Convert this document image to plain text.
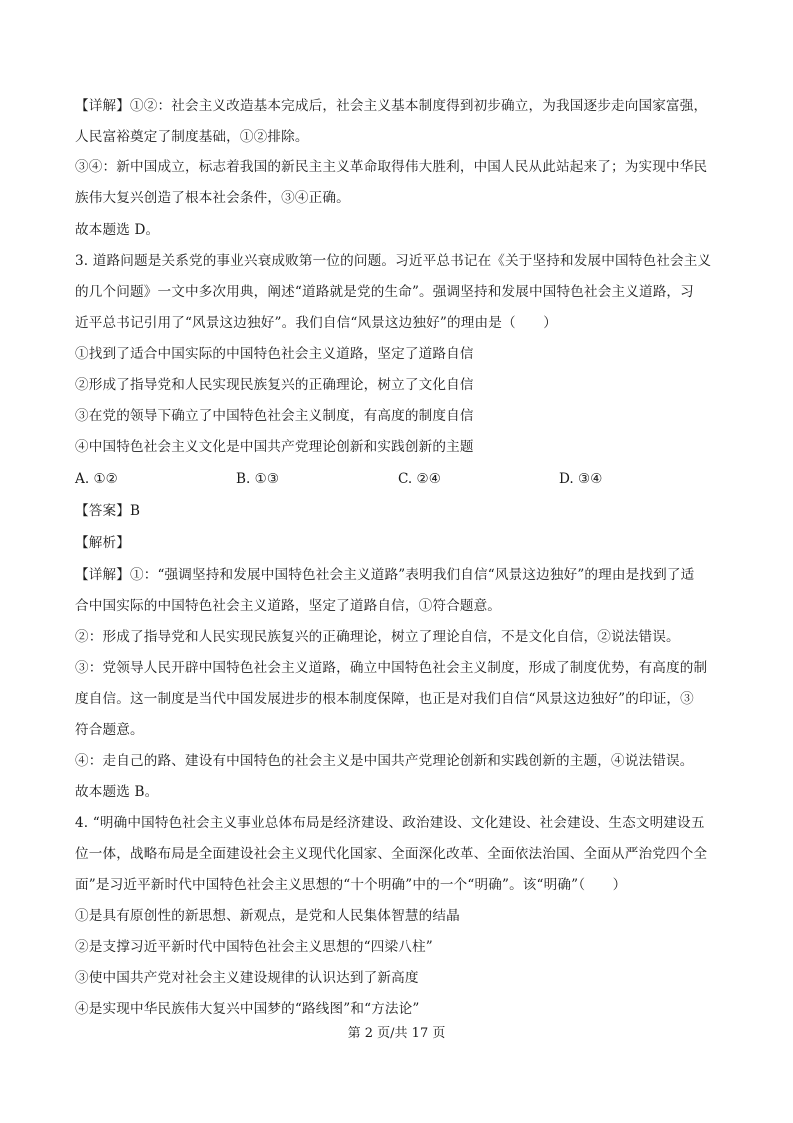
【详解】①②：社会主义改造基本完成后，社会主义基本制度得到初步确立，为我国逐步走向国家富强，
人民富裕奠定了制度基础，①②排除。
③④：新中国成立，标志着我国的新民主主义革命取得伟大胜利，中国人民从此站起来了；为实现中华民
族伟大复兴创造了根本社会条件，③④正确。
故本题选 D。
3. 道路问题是关系党的事业兴衰成败第一位的问题。习近平总书记在《关于坚持和发展中国特色社会主义
的几个问题》一文中多次用典，阐述“道路就是党的生命”。强调坚持和发展中国特色社会主义道路，习
近平总书记引用了“风景这边独好”。我们自信“风景这边独好”的理由是（　　）
①找到了适合中国实际的中国特色社会主义道路，坚定了道路自信
②形成了指导党和人民实现民族复兴的正确理论，树立了文化自信
③在党的领导下确立了中国特色社会主义制度，有高度的制度自信
④中国特色社会主义文化是中国共产党理论创新和实践创新的主题
A. ①②	B. ①③	C. ②④	D. ③④
【答案】B
【解析】
【详解】①：“强调坚持和发展中国特色社会主义道路”表明我们自信“风景这边独好”的理由是找到了适
合中国实际的中国特色社会主义道路，坚定了道路自信，①符合题意。
②：形成了指导党和人民实现民族复兴的正确理论，树立了理论自信，不是文化自信，②说法错误。
③：党领导人民开辟中国特色社会主义道路，确立中国特色社会主义制度，形成了制度优势，有高度的制
度自信。这一制度是当代中国发展进步的根本制度保障，也正是对我们自信“风景这边独好”的印证，③
符合题意。
④：走自己的路、建设有中国特色的社会主义是中国共产党理论创新和实践创新的主题，④说法错误。
故本题选 B。
4. “明确中国特色社会主义事业总体布局是经济建设、政治建设、文化建设、社会建设、生态文明建设五
位一体，战略布局是全面建设社会主义现代化国家、全面深化改革、全面依法治国、全面从严治党四个全
面”是习近平新时代中国特色社会主义思想的“十个明确”中的一个“明确”。该“明确”（　　）
①是具有原创性的新思想、新观点，是党和人民集体智慧的结晶
②是支撑习近平新时代中国特色社会主义思想的“四梁八柱”
③使中国共产党对社会主义建设规律的认识达到了新高度
④是实现中华民族伟大复兴中国梦的“路线图”和“方法论”
第 2 页/共 17 页
